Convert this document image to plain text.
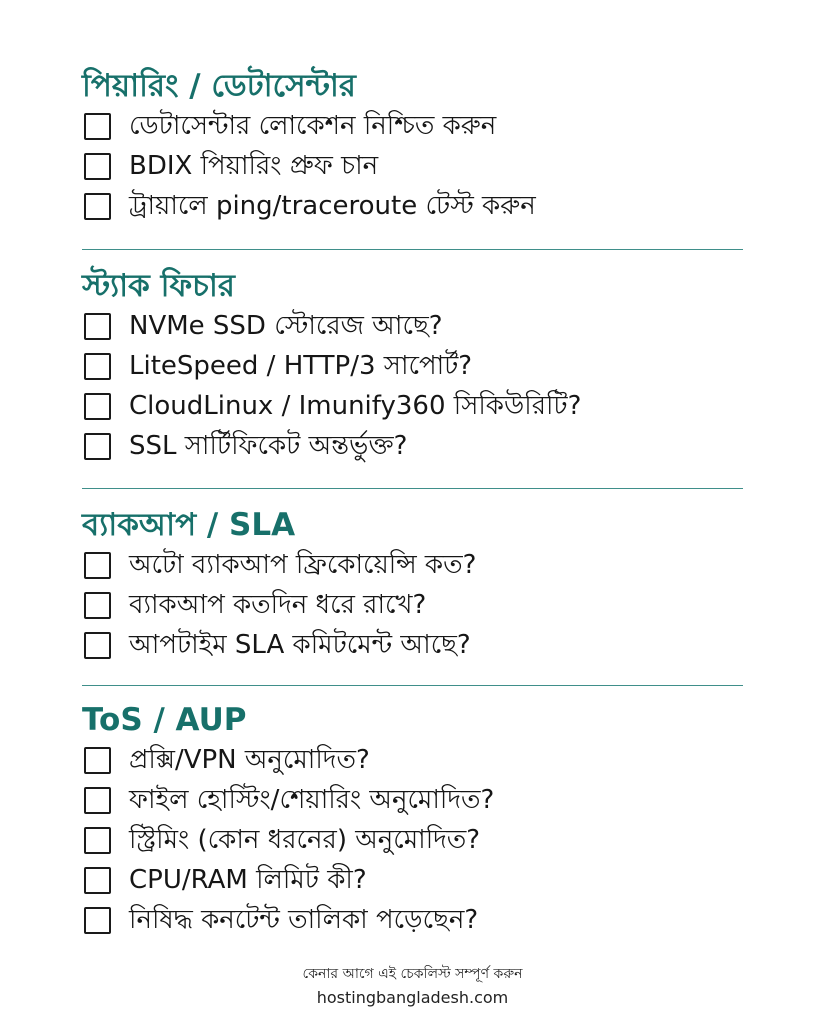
পিয়ারিং / ডেটাসেন্টার
ডেটাসেন্টার লোকেশন নিশ্চিত করুন
BDIX পিয়ারিং প্রুফ চান
ট্রায়ালে ping/traceroute টেস্ট করুন
স্ট্যাক ফিচার
NVMe SSD স্টোরেজ আছে?
LiteSpeed / HTTP/3 সাপোর্ট?
CloudLinux / Imunify360 সিকিউরিটি?
SSL সার্টিফিকেট অন্তর্ভুক্ত?
ব্যাকআপ / SLA
অটো ব্যাকআপ ফ্রিকোয়েন্সি কত?
ব্যাকআপ কতদিন ধরে রাখে?
আপটাইম SLA কমিটমেন্ট আছে?
ToS / AUP
প্রক্সি/VPN অনুমোদিত?
ফাইল হোস্টিং/শেয়ারিং অনুমোদিত?
স্ট্রিমিং (কোন ধরনের) অনুমোদিত?
CPU/RAM লিমিট কী?
নিষিদ্ধ কনটেন্ট তালিকা পড়েছেন?
কেনার আগে এই চেকলিস্ট সম্পূর্ণ করুন
hostingbangladesh.com
